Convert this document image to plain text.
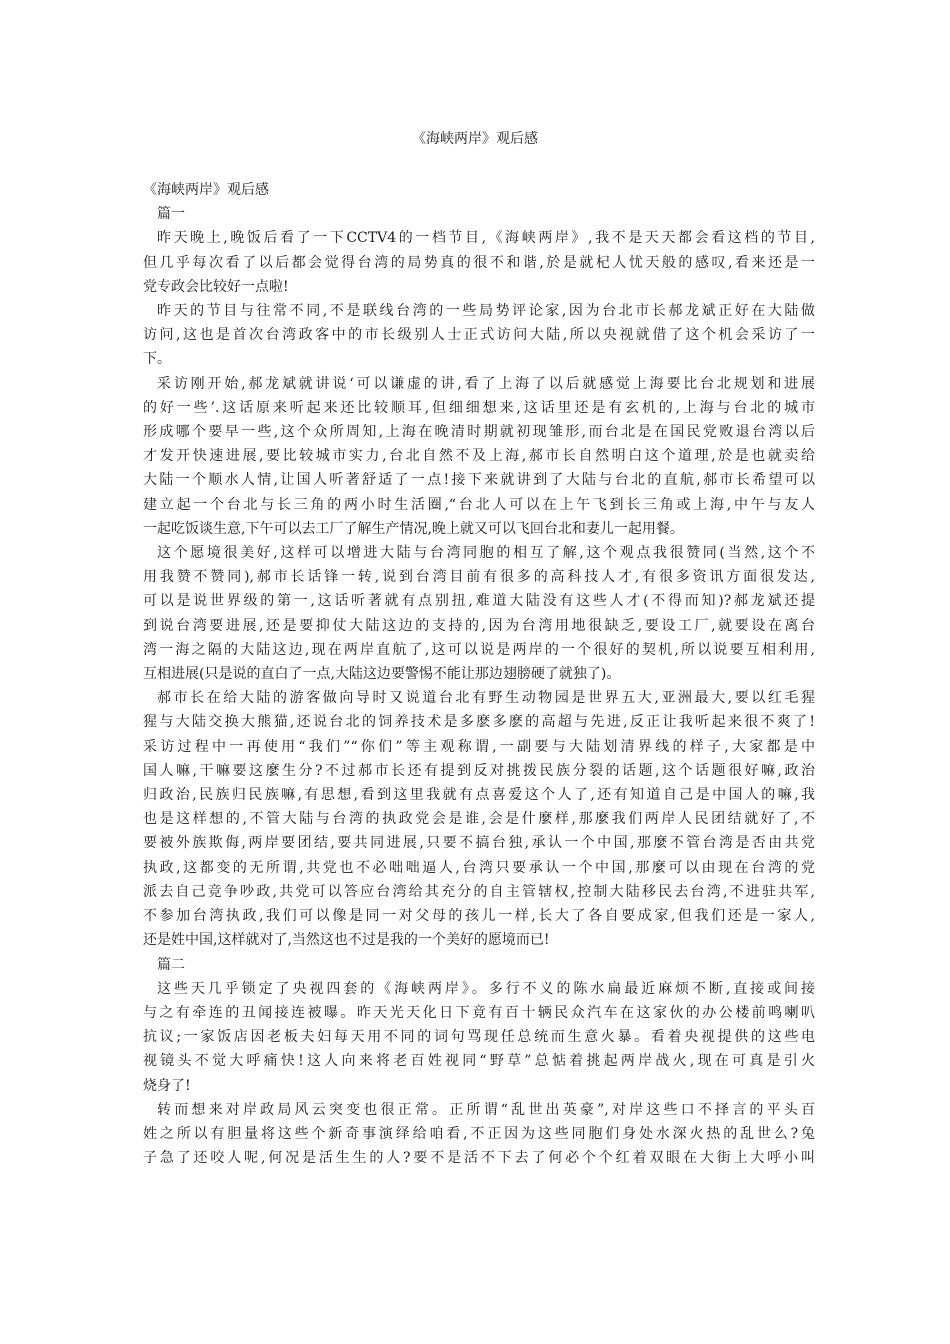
《海峡两岸》观后感
《海峡两岸》观后感
篇一
昨天晚上,晚饭后看了一下CCTV4的一档节目,《海峡两岸》,我不是天天都会看这档的节目,
但几乎每次看了以后都会觉得台湾的局势真的很不和谐,於是就杞人忧天般的感叹,看来还是一
党专政会比较好一点啦!
昨天的节目与往常不同,不是联线台湾的一些局势评论家,因为台北市长郝龙斌正好在大陆做
访问,这也是首次台湾政客中的市长级别人士正式访问大陆,所以央视就借了这个机会采访了一
下。
采访刚开始,郝龙斌就讲说‘可以谦虚的讲,看了上海了以后就感觉上海要比台北规划和进展
的好一些’.这话原来听起来还比较顺耳,但细细想来,这话里还是有玄机的,上海与台北的城市
形成哪个要早一些,这个众所周知,上海在晚清时期就初现雏形,而台北是在国民党败退台湾以后
才发开快速进展,要比较城市实力,台北自然不及上海,郝市长自然明白这个道理,於是也就卖给
大陆一个顺水人情,让国人听著舒适了一点!接下来就讲到了大陆与台北的直航,郝市长希望可以
建立起一个台北与长三角的两小时生活圈,“台北人可以在上午飞到长三角或上海,中午与友人
一起吃饭谈生意,下午可以去工厂了解生产情况,晚上就又可以飞回台北和妻儿一起用餐。
这个愿境很美好,这样可以增进大陆与台湾同胞的相互了解,这个观点我很赞同(当然,这个不
用我赞不赞同),郝市长话锋一转,说到台湾目前有很多的高科技人才,有很多资讯方面很发达,
可以是说世界级的第一,这话听著就有点别扭,难道大陆没有这些人才(不得而知)?郝龙斌还提
到说台湾要进展,还是要抑仗大陆这边的支持的,因为台湾用地很缺乏,要设工厂,就要设在离台
湾一海之隔的大陆这边,现在两岸直航了,这可以说是两岸的一个很好的契机,所以说要互相利用,
互相进展(只是说的直白了一点,大陆这边要警惕不能让那边翅膀硬了就独了)。
郝市长在给大陆的游客做向导时又说道台北有野生动物园是世界五大,亚洲最大,要以红毛猩
猩与大陆交换大熊猫,还说台北的饲养技术是多麽多麽的高超与先进,反正让我听起来很不爽了!
采访过程中一再使用“我们”“你们”等主观称谓,一副要与大陆划清界线的样子,大家都是中
国人嘛,干嘛要这麼生分?不过郝市长还有提到反对挑拨民族分裂的话题,这个话题很好嘛,政治
归政治,民族归民族嘛,有思想,看到这里我就有点喜爱这个人了,还有知道自己是中国人的嘛,我
也是这样想的,不管大陆与台湾的执政党会是谁,会是什麼样,那麼我们两岸人民团结就好了,不
要被外族欺侮,两岸要团结,要共同进展,只要不搞台独,承认一个中国,那麼不管台湾是否由共党
执政,这都变的无所谓,共党也不必咄咄逼人,台湾只要承认一个中国,那麼可以由现在台湾的党
派去自己竞争吵政,共党可以答应台湾给其充分的自主管辖权,控制大陆移民去台湾,不进驻共军,
不参加台湾执政,我们可以像是同一对父母的孩儿一样,长大了各自要成家,但我们还是一家人,
还是姓中国,这样就对了,当然这也不过是我的一个美好的愿境而已!
篇二
这些天几乎锁定了央视四套的《海峡两岸》。多行不义的陈水扁最近麻烦不断,直接或间接
与之有牵连的丑闻接连被曝。昨天光天化日下竟有百十辆民众汽车在这家伙的办公楼前鸣喇叭
抗议;一家饭店因老板夫妇每天用不同的词句骂现任总统而生意火暴。看着央视提供的这些电
视镜头不觉大呼痛快!这人向来将老百姓视同“野草”总惦着挑起两岸战火,现在可真是引火
烧身了!
转而想来对岸政局风云突变也很正常。正所谓“乱世出英豪”,对岸这些口不择言的平头百
姓之所以有胆量将这些个新奇事演绎给咱看,不正因为这些同胞们身处水深火热的乱世么?兔
子急了还咬人呢,何况是活生生的人?要不是活不下去了何必个个红着双眼在大街上大呼小叫
